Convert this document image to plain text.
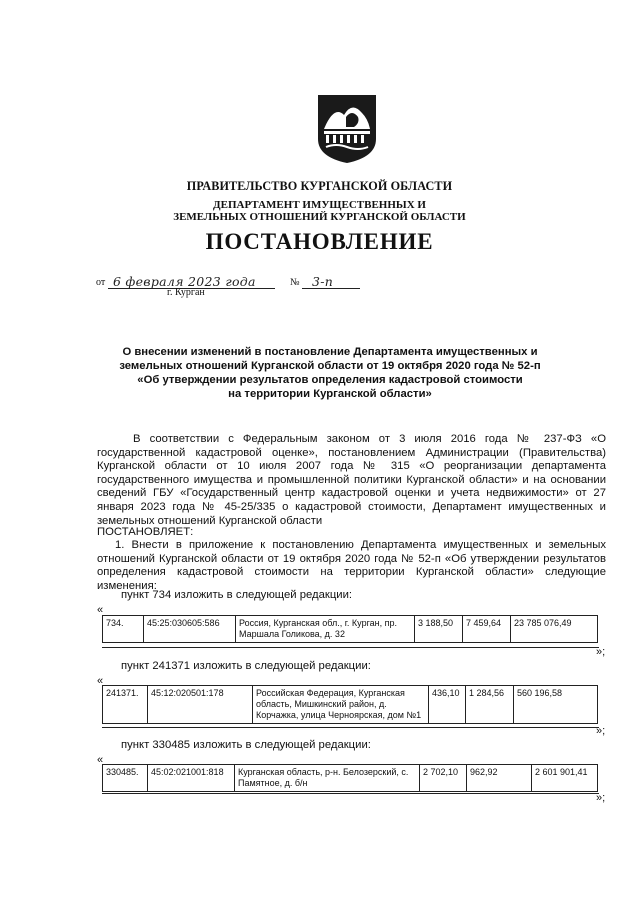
ПРАВИТЕЛЬСТВО КУРГАНСКОЙ ОБЛАСТИ
ДЕПАРТАМЕНТ ИМУЩЕСТВЕННЫХ И
ЗЕМЕЛЬНЫХ ОТНОШЕНИЙ КУРГАНСКОЙ ОБЛАСТИ
ПОСТАНОВЛЕНИЕ
от 6 февраля 2023 года	№ 3-п
г. Курган
О внесении изменений в постановление Департамента имущественных и
земельных отношений Курганской области от 19 октября 2020 года № 52-п
«Об утверждении результатов определения кадастровой стоимости
на территории Курганской области»
В соответствии с Федеральным законом от 3 июля 2016 года № 237-ФЗ «О государственной кадастровой оценке», постановлением Администрации (Правительства) Курганской области от 10 июля 2007 года № 315 «О реорганизации департамента государственного имущества и промышленной политики Курганской области» и на основании сведений ГБУ «Государственный центр кадастровой оценки и учета недвижимости» от 27 января 2023 года № 45-25/335 о кадастровой стоимости, Департамент имущественных и земельных отношений Курганской области
ПОСТАНОВЛЯЕТ:
1. Внести в приложение к постановлению Департамента имущественных и земельных отношений Курганской области от 19 октября 2020 года № 52-п «Об утверждении результатов определения кадастровой стоимости на территории Курганской области» следующие изменения:
пункт 734 изложить в следующей редакции:
«
734.	45:25:030605:586	Россия, Курганская обл., г. Курган, пр. Маршала Голикова, д. 32	3 188,50	7 459,64	23 785 076,49
»;
пункт 241371 изложить в следующей редакции:
«
241371.	45:12:020501:178	Российская Федерация, Курганская область, Мишкинский район, д. Корчажка, улица Черноярская, дом №1	436,10	1 284,56	560 196,58
»;
пункт 330485 изложить в следующей редакции:
«
330485.	45:02:021001:818	Курганская область, р-н. Белозерский, с. Памятное, д. б/н	2 702,10	962,92	2 601 901,41
»;
